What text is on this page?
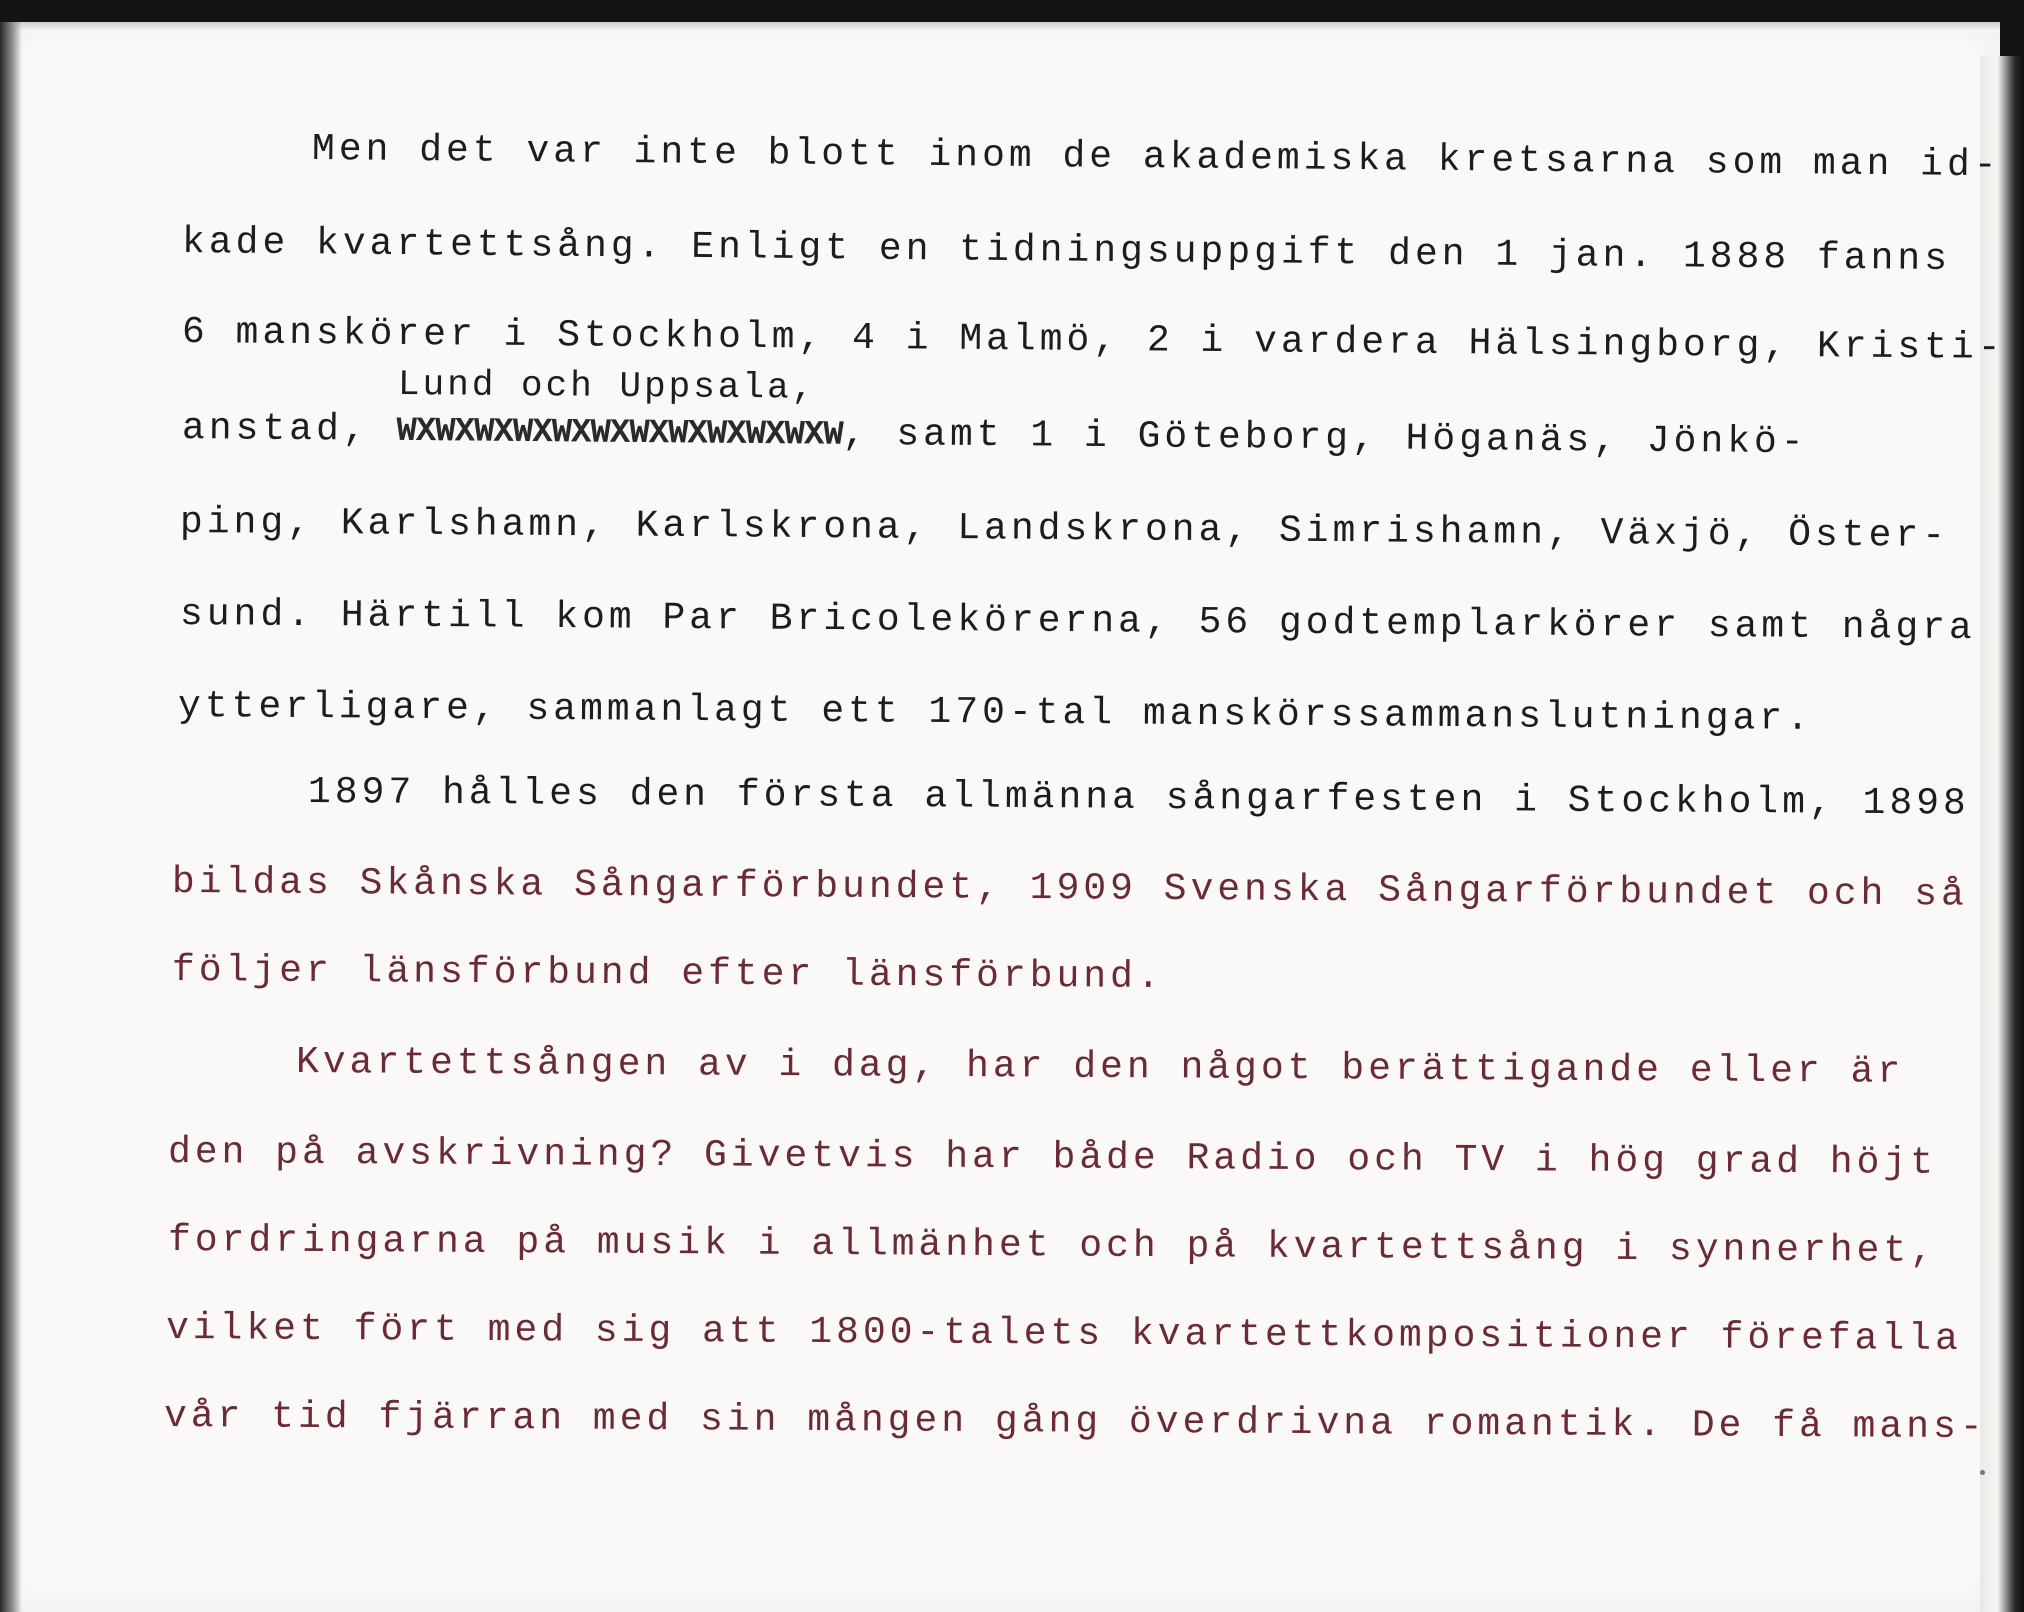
Men det var inte blott inom de akademiska kretsarna som man id-
kade kvartettsång. Enligt en tidningsuppgift den 1 jan. 1888 fanns
6 manskörer i Stockholm, 4 i Malmö, 2 i vardera Hälsingborg, Kristi-
Lund och Uppsala,
anstad, WXWXWXWXWXWXWXWXWXWXWXW, samt 1 i Göteborg, Höganäs, Jönkö-
ping, Karlshamn, Karlskrona, Landskrona, Simrishamn, Växjö, Öster-
sund. Härtill kom Par Bricolekörerna, 56 godtemplarkörer samt några
ytterligare, sammanlagt ett 170-tal manskörssammanslutningar.
1897 hålles den första allmänna sångarfesten i Stockholm, 1898
bildas Skånska Sångarförbundet, 1909 Svenska Sångarförbundet och så
följer länsförbund efter länsförbund.
Kvartettsången av i dag, har den något berättigande eller är
den på avskrivning? Givetvis har både Radio och TV i hög grad höjt
fordringarna på musik i allmänhet och på kvartettsång i synnerhet,
vilket fört med sig att 1800-talets kvartettkompositioner förefalla
vår tid fjärran med sin mången gång överdrivna romantik. De få mans-
